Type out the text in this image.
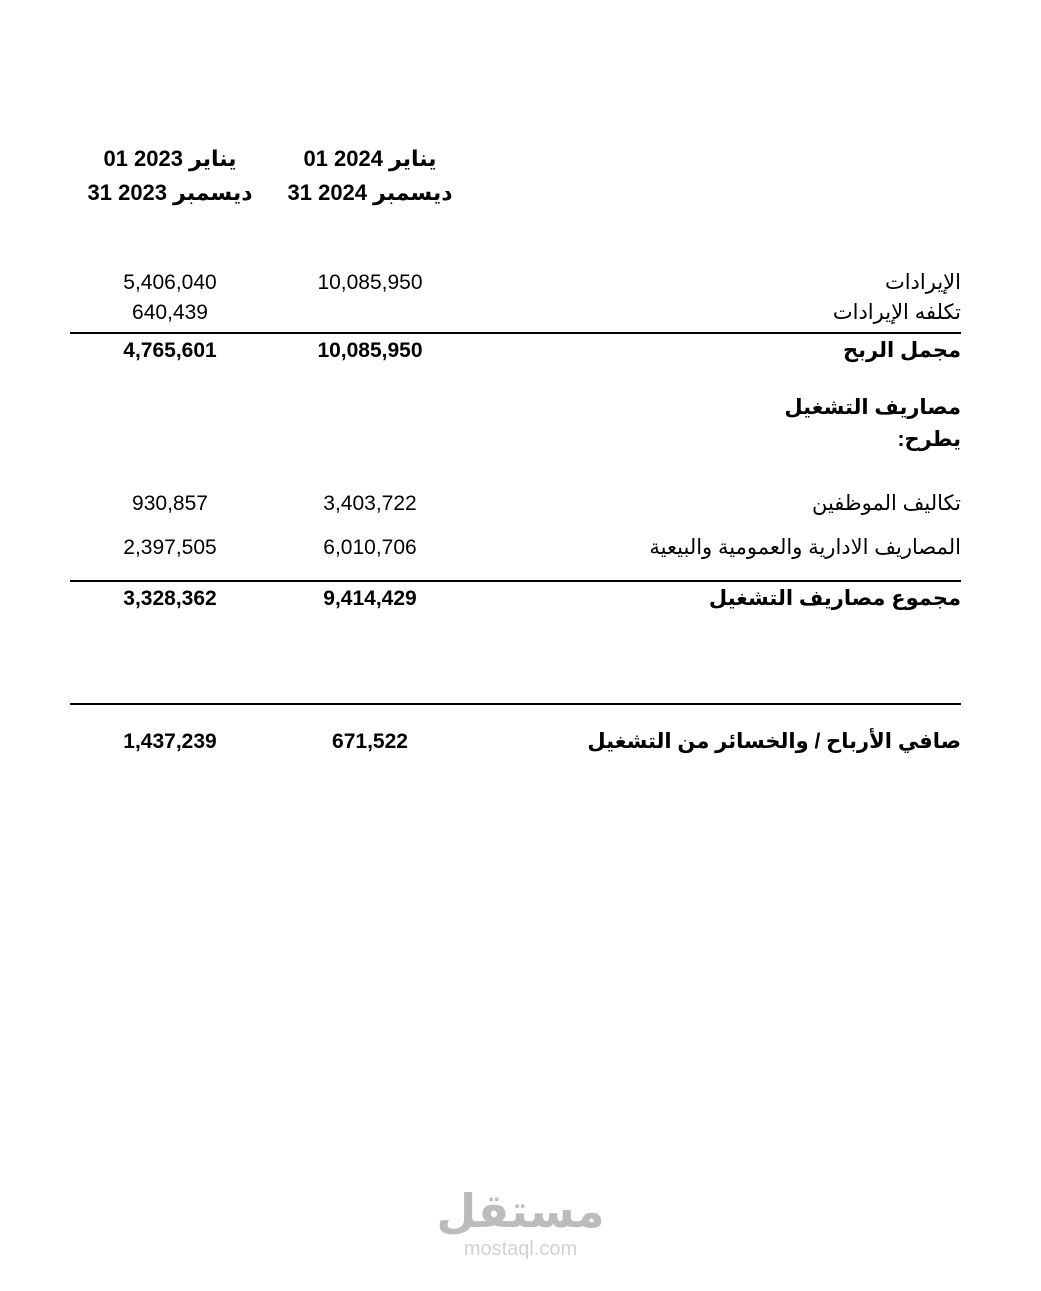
01 يناير 2024
31 ديسمبر 2024
01 يناير 2023
31 ديسمبر 2023
الإيرادات
10,085,950
5,406,040
تكلفه الإيرادات
640,439
مجمل الربح
10,085,950
4,765,601
مصاريف التشغيل
يطرح:
تكاليف الموظفين
3,403,722
930,857
المصاريف الادارية والعمومية والبيعية
6,010,706
2,397,505
مجموع مصاريف التشغيل
9,414,429
3,328,362
صافي الأرباح / والخسائر من التشغيل
671,522
1,437,239
مستقل
mostaql.com
